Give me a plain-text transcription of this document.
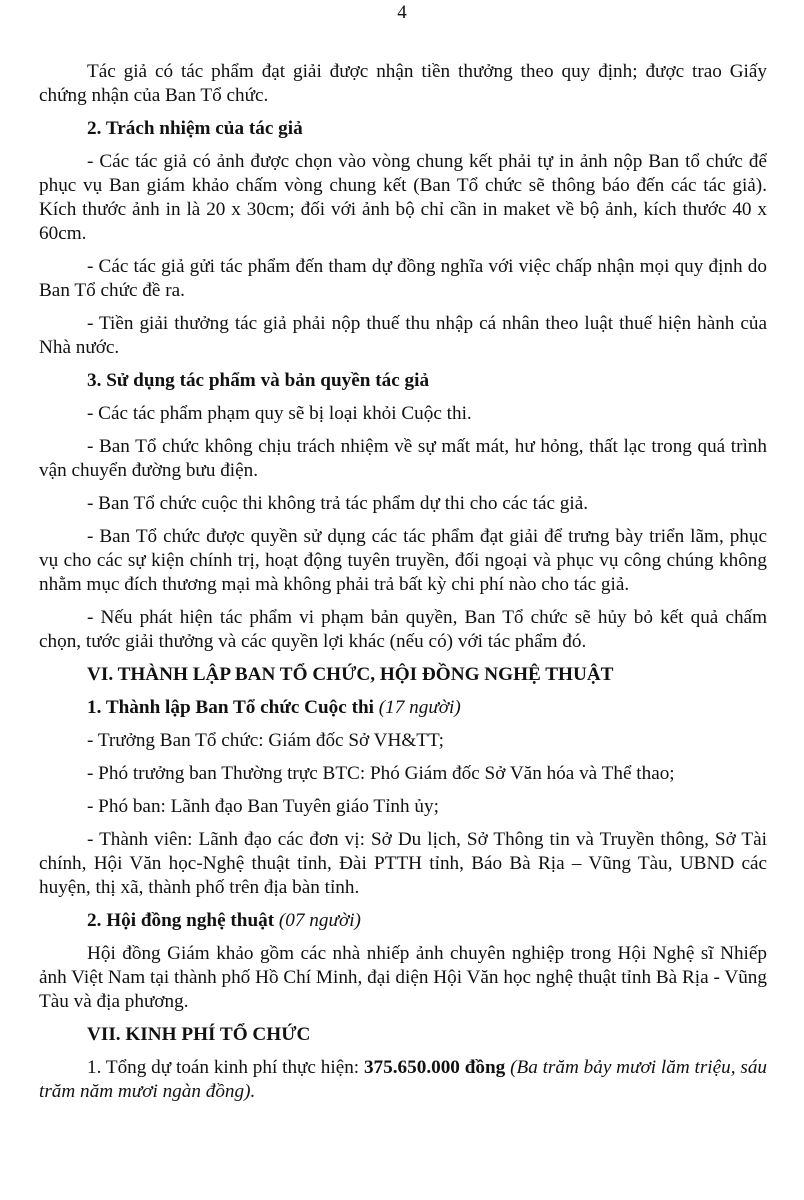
4

Tác giả có tác phẩm đạt giải được nhận tiền thưởng theo quy định; được trao Giấy chứng nhận của Ban Tổ chức.

2. Trách nhiệm của tác giả

- Các tác giả có ảnh được chọn vào vòng chung kết phải tự in ảnh nộp Ban tổ chức để phục vụ Ban giám khảo chấm vòng chung kết (Ban Tổ chức sẽ thông báo đến các tác giả). Kích thước ảnh in là 20 x 30cm; đối với ảnh bộ chỉ cần in maket về bộ ảnh, kích thước 40 x 60cm.

- Các tác giả gửi tác phẩm đến tham dự đồng nghĩa với việc chấp nhận mọi quy định do Ban Tổ chức đề ra.

- Tiền giải thưởng tác giả phải nộp thuế thu nhập cá nhân theo luật thuế hiện hành của Nhà nước.

3. Sử dụng tác phẩm và bản quyền tác giả

- Các tác phẩm phạm quy sẽ bị loại khỏi Cuộc thi.

- Ban Tổ chức không chịu trách nhiệm về sự mất mát, hư hỏng, thất lạc trong quá trình vận chuyển đường bưu điện.

- Ban Tổ chức cuộc thi không trả tác phẩm dự thi cho các tác giả.

- Ban Tổ chức được quyền sử dụng các tác phẩm đạt giải để trưng bày triển lãm, phục vụ cho các sự kiện chính trị, hoạt động tuyên truyền, đối ngoại và phục vụ công chúng không nhằm mục đích thương mại mà không phải trả bất kỳ chi phí nào cho tác giả.

- Nếu phát hiện tác phẩm vi phạm bản quyền, Ban Tổ chức sẽ hủy bỏ kết quả chấm chọn, tước giải thưởng và các quyền lợi khác (nếu có) với tác phẩm đó.

VI. THÀNH LẬP BAN TỔ CHỨC, HỘI ĐỒNG NGHỆ THUẬT

1. Thành lập Ban Tổ chức Cuộc thi (17 người)

- Trưởng Ban Tổ chức: Giám đốc Sở VH&TT;

- Phó trưởng ban Thường trực BTC: Phó Giám đốc Sở Văn hóa và Thể thao;

- Phó ban: Lãnh đạo Ban Tuyên giáo Tỉnh ủy;

- Thành viên: Lãnh đạo các đơn vị: Sở Du lịch, Sở Thông tin và Truyền thông, Sở Tài chính, Hội Văn học-Nghệ thuật tỉnh, Đài PTTH tỉnh, Báo Bà Rịa – Vũng Tàu, UBND các huyện, thị xã, thành phố trên địa bàn tỉnh.

2. Hội đồng nghệ thuật (07 người)

Hội đồng Giám khảo gồm các nhà nhiếp ảnh chuyên nghiệp trong Hội Nghệ sĩ Nhiếp ảnh Việt Nam tại thành phố Hồ Chí Minh, đại diện Hội Văn học nghệ thuật tỉnh Bà Rịa - Vũng Tàu và địa phương.

VII. KINH PHÍ TỔ CHỨC

1. Tổng dự toán kinh phí thực hiện: 375.650.000 đồng (Ba trăm bảy mươi lăm triệu, sáu trăm năm mươi ngàn đồng).
